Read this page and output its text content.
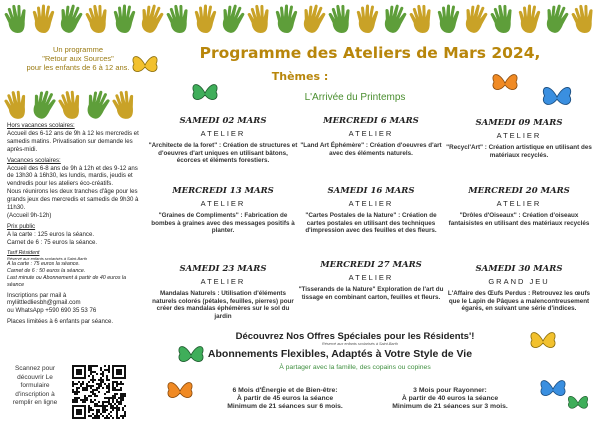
Un programme
"Retour aux Sources"
pour les enfants de 6 à 12 ans.
Hors vacances scolaires:
Accueil des 6-12 ans de 9h à 12 les mercredis et samedis matins. Privatisation sur demande les après-midi.
Vacances scolaires:
Accueil des 6-8 ans de 9h à 12h et des 9-12 ans de 13h30 à 16h30, les lundis, mardis, jeudis et vendredis pour les ateliers éco-créatifs.
Nous réunirons les deux tranches d'âge pour les grands jeux des mercredis et samedis de 9h30 à 11h30.
(Accueil 9h-12h)
Prix public
A la carte : 125 euros la séance.
Carnet de 6 : 75 euros la séance.
Tarif Résident
Réservé aux enfants scolarisés à Saint-Barth
A la carte : 75 euros la séance.
Carnet de 6 : 50 euros la séance.
Last minute ou Abonnement à partir de 40 euros la séance
Inscriptions par mail à
myliittledliesbh@gmail.com
ou WhatsApp +590 690 35 53 76
Places limitées à 6 enfants par séance.
Scannez pour découvrir Le formulaire d'inscription à remplir en ligne
Programme des Ateliers de Mars 2024,
Thèmes :
L'Arrivée du Printemps
SAMEDI 02 MARS
ATELIER
"Architecte de la foret" : Création de structures et d'oeuvres d'art uniques en utilisant bâtons, écorces et éléments forestiers.
MERCREDI 6 MARS
ATELIER
"Land Art Éphémère" : Création d'oeuvres d'art avec des éléments naturels.
SAMEDI 09 MARS
ATELIER
"Recycl'Art" : Création artistique en utilisant des matériaux recyclés.
MERCREDI 13 MARS
ATELIER
"Graines de Compliments" : Fabrication de bombes à graines avec des messages positifs à planter.
SAMEDI 16 MARS
ATELIER
"Cartes Postales de la Nature" : Création de cartes postales en utilisant des techniques d'impression avec des feuilles et des fleurs.
MERCREDI 20 MARS
ATELIER
"Drôles d'Oiseaux" : Création d'oiseaux fantaisistes en utilisant des matériaux recyclés
SAMEDI 23 MARS
ATELIER
Mandalas Naturels : Utilisation d'éléments naturels colorés (pétales, feuilles, pierres) pour créer des mandalas éphémères sur le sol du jardin
MERCREDI 27 MARS
ATELIER
"Tisserands de la Nature" Exploration de l'art du tissage en combinant carton, feuilles et fleurs.
SAMEDI 30 MARS
GRAND JEU
L'Affaire des Œufs Perdus : Retrouvez les œufs que le Lapin de Pâques a malencontreusement égarés, en suivant une série d'indices.
Découvrez Nos Offres Spéciales pour les Résidents'!
Réservé aux enfants scolarisés à Saint-Barth
Abonnements Flexibles, Adaptés à Votre Style de Vie
À partager avec la famille, des copains ou copines
6 Mois d'Énergie et de Bien-être:
À partir de 45 euros la séance
Minimum de 21 séances sur 6 mois.
3 Mois pour Rayonner:
À partir de 40 euros la séance
Minimum de 21 séances sur 3 mois.
